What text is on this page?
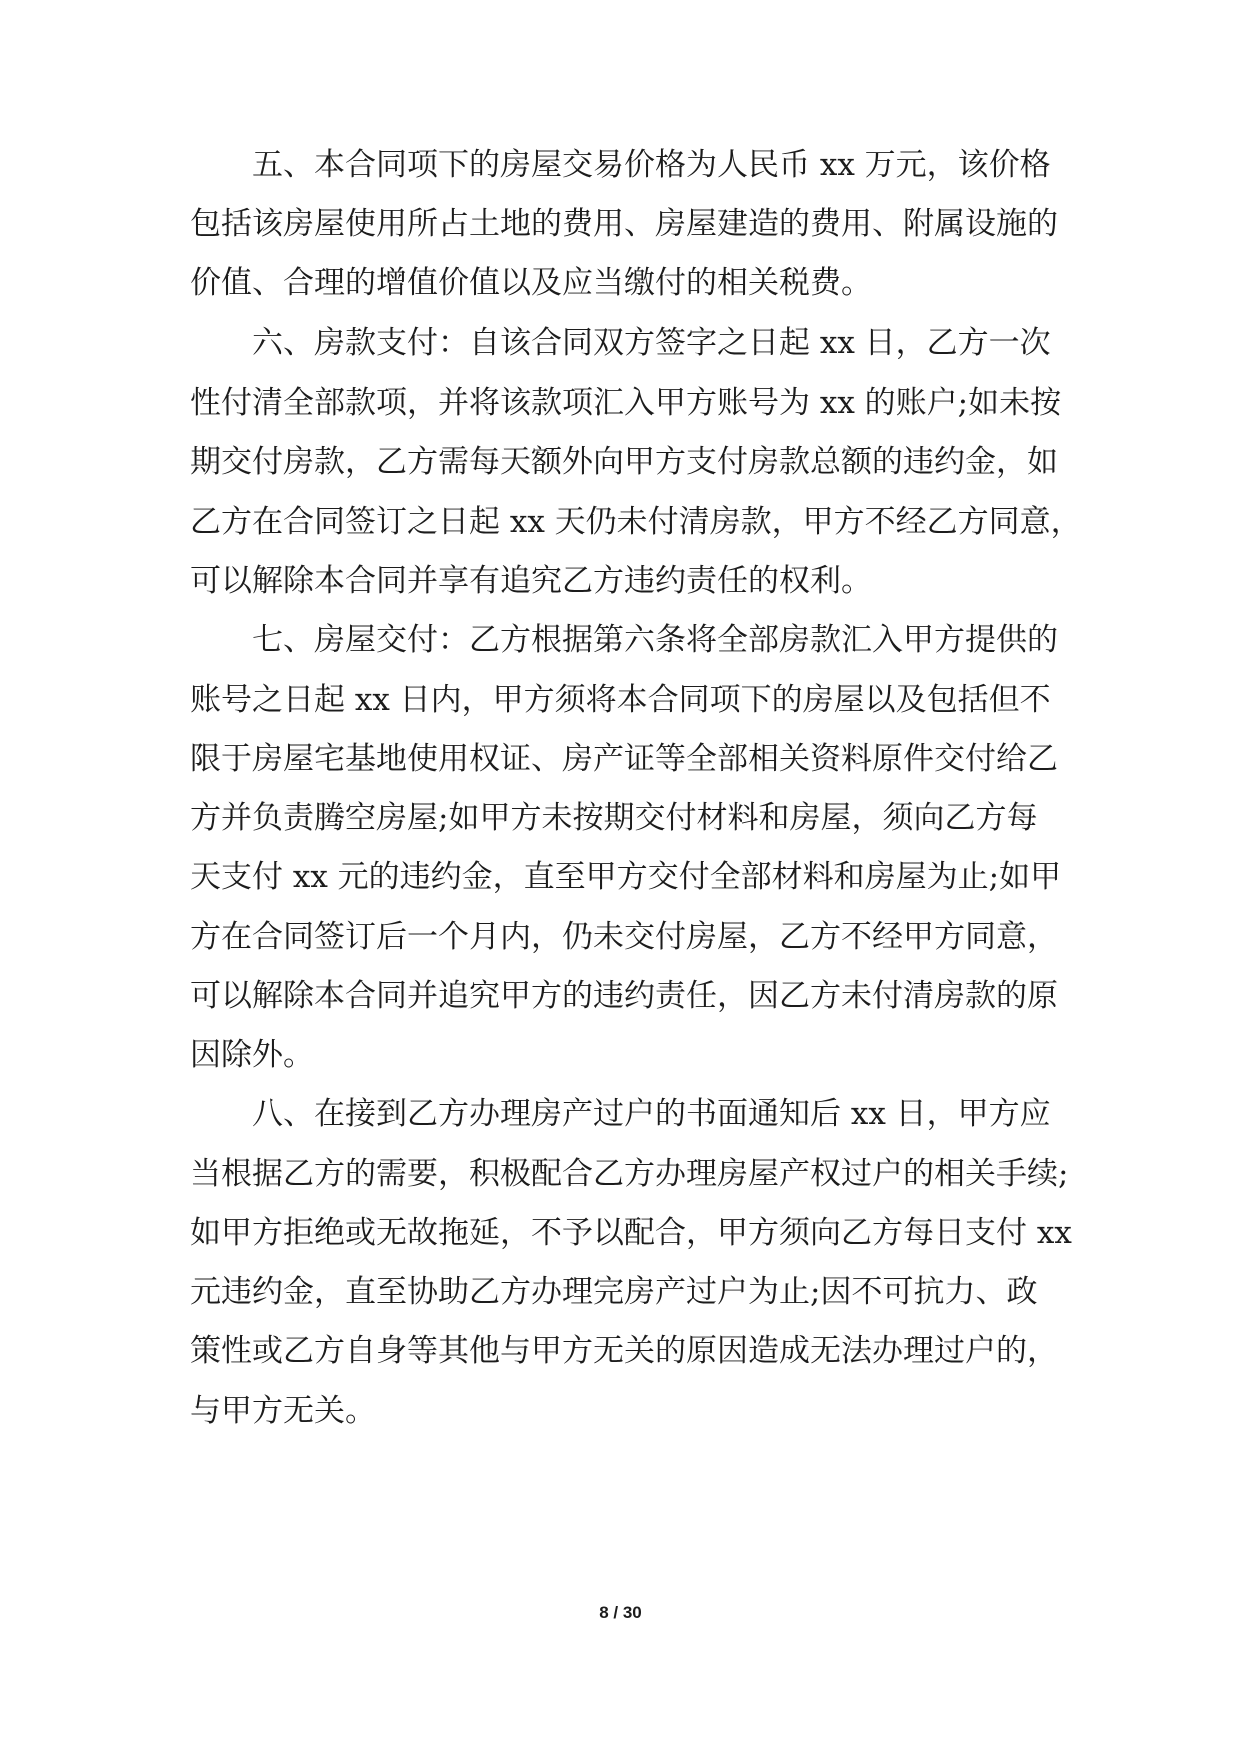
五、本合同项下的房屋交易价格为人民币 xx 万元，该价格
包括该房屋使用所占土地的费用、房屋建造的费用、附属设施的
价值、合理的增值价值以及应当缴付的相关税费。
六、房款支付：自该合同双方签字之日起 xx 日，乙方一次
性付清全部款项，并将该款项汇入甲方账号为 xx 的账户;如未按
期交付房款，乙方需每天额外向甲方支付房款总额的违约金，如
乙方在合同签订之日起 xx 天仍未付清房款，甲方不经乙方同意，
可以解除本合同并享有追究乙方违约责任的权利。
七、房屋交付：乙方根据第六条将全部房款汇入甲方提供的
账号之日起 xx 日内，甲方须将本合同项下的房屋以及包括但不
限于房屋宅基地使用权证、房产证等全部相关资料原件交付给乙
方并负责腾空房屋;如甲方未按期交付材料和房屋，须向乙方每
天支付 xx 元的违约金，直至甲方交付全部材料和房屋为止;如甲
方在合同签订后一个月内，仍未交付房屋，乙方不经甲方同意，
可以解除本合同并追究甲方的违约责任，因乙方未付清房款的原
因除外。
八、在接到乙方办理房产过户的书面通知后 xx 日，甲方应
当根据乙方的需要，积极配合乙方办理房屋产权过户的相关手续;
如甲方拒绝或无故拖延，不予以配合，甲方须向乙方每日支付 xx
元违约金，直至协助乙方办理完房产过户为止;因不可抗力、政
策性或乙方自身等其他与甲方无关的原因造成无法办理过户的，
与甲方无关。
8 / 30
